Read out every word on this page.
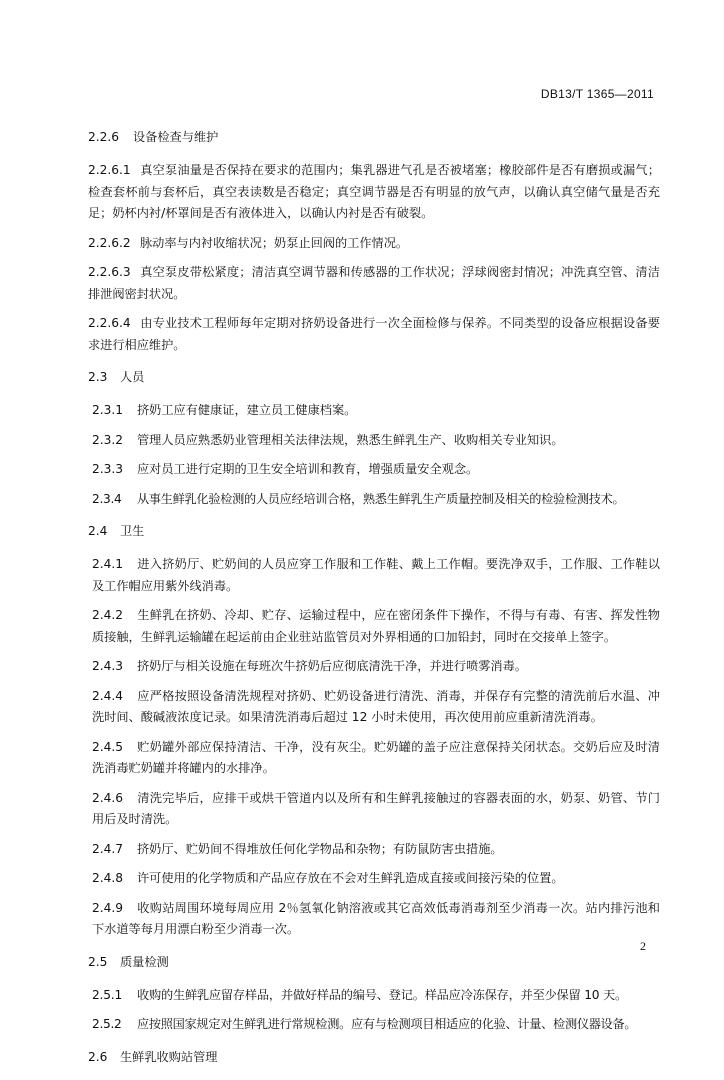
DB13/T 1365—2011
2.2.6 设备检查与维护
2.2.6.1 真空泵油量是否保持在要求的范围内；集乳器进气孔是否被堵塞；橡胶部件是否有磨损或漏气；检查套杯前与套杯后，真空表读数是否稳定；真空调节器是否有明显的放气声，以确认真空储气量是否充足；奶杯内衬/杯罩间是否有液体进入，以确认内衬是否有破裂。
2.2.6.2 脉动率与内衬收缩状况；奶泵止回阀的工作情况。
2.2.6.3 真空泵皮带松紧度；清洁真空调节器和传感器的工作状况；浮球阀密封情况；冲洗真空管、清洁排泄阀密封状况。
2.2.6.4 由专业技术工程师每年定期对挤奶设备进行一次全面检修与保养。不同类型的设备应根据设备要求进行相应维护。
2.3 人员
2.3.1 挤奶工应有健康证，建立员工健康档案。
2.3.2 管理人员应熟悉奶业管理相关法律法规，熟悉生鲜乳生产、收购相关专业知识。
2.3.3 应对员工进行定期的卫生安全培训和教育，增强质量安全观念。
2.3.4 从事生鲜乳化验检测的人员应经培训合格，熟悉生鲜乳生产质量控制及相关的检验检测技术。
2.4 卫生
2.4.1 进入挤奶厅、贮奶间的人员应穿工作服和工作鞋、戴上工作帽。要洗净双手，工作服、工作鞋以及工作帽应用紫外线消毒。
2.4.2 生鲜乳在挤奶、冷却、贮存、运输过程中，应在密闭条件下操作，不得与有毒、有害、挥发性物质接触，生鲜乳运输罐在起运前由企业驻站监管员对外界相通的口加铅封，同时在交接单上签字。
2.4.3 挤奶厅与相关设施在每班次牛挤奶后应彻底清洗干净，并进行喷雾消毒。
2.4.4 应严格按照设备清洗规程对挤奶、贮奶设备进行清洗、消毒，并保存有完整的清洗前后水温、冲洗时间、酸碱液浓度记录。如果清洗消毒后超过 12 小时未使用，再次使用前应重新清洗消毒。
2.4.5 贮奶罐外部应保持清洁、干净，没有灰尘。贮奶罐的盖子应注意保持关闭状态。交奶后应及时清洗消毒贮奶罐并将罐内的水排净。
2.4.6 清洗完毕后，应排干或烘干管道内以及所有和生鲜乳接触过的容器表面的水，奶泵、奶管、节门用后及时清洗。
2.4.7 挤奶厅、贮奶间不得堆放任何化学物品和杂物；有防鼠防害虫措施。
2.4.8 许可使用的化学物质和产品应存放在不会对生鲜乳造成直接或间接污染的位置。
2.4.9 收购站周围环境每周应用 2％氢氧化钠溶液或其它高效低毒消毒剂至少消毒一次。站内排污池和下水道等每月用漂白粉至少消毒一次。
2.5 质量检测
2.5.1 收购的生鲜乳应留存样品，并做好样品的编号、登记。样品应冷冻保存，并至少保留 10 天。
2.5.2 应按照国家规定对生鲜乳进行常规检测。应有与检测项目相适应的化验、计量、检测仪器设备。
2.6 生鲜乳收购站管理
2
